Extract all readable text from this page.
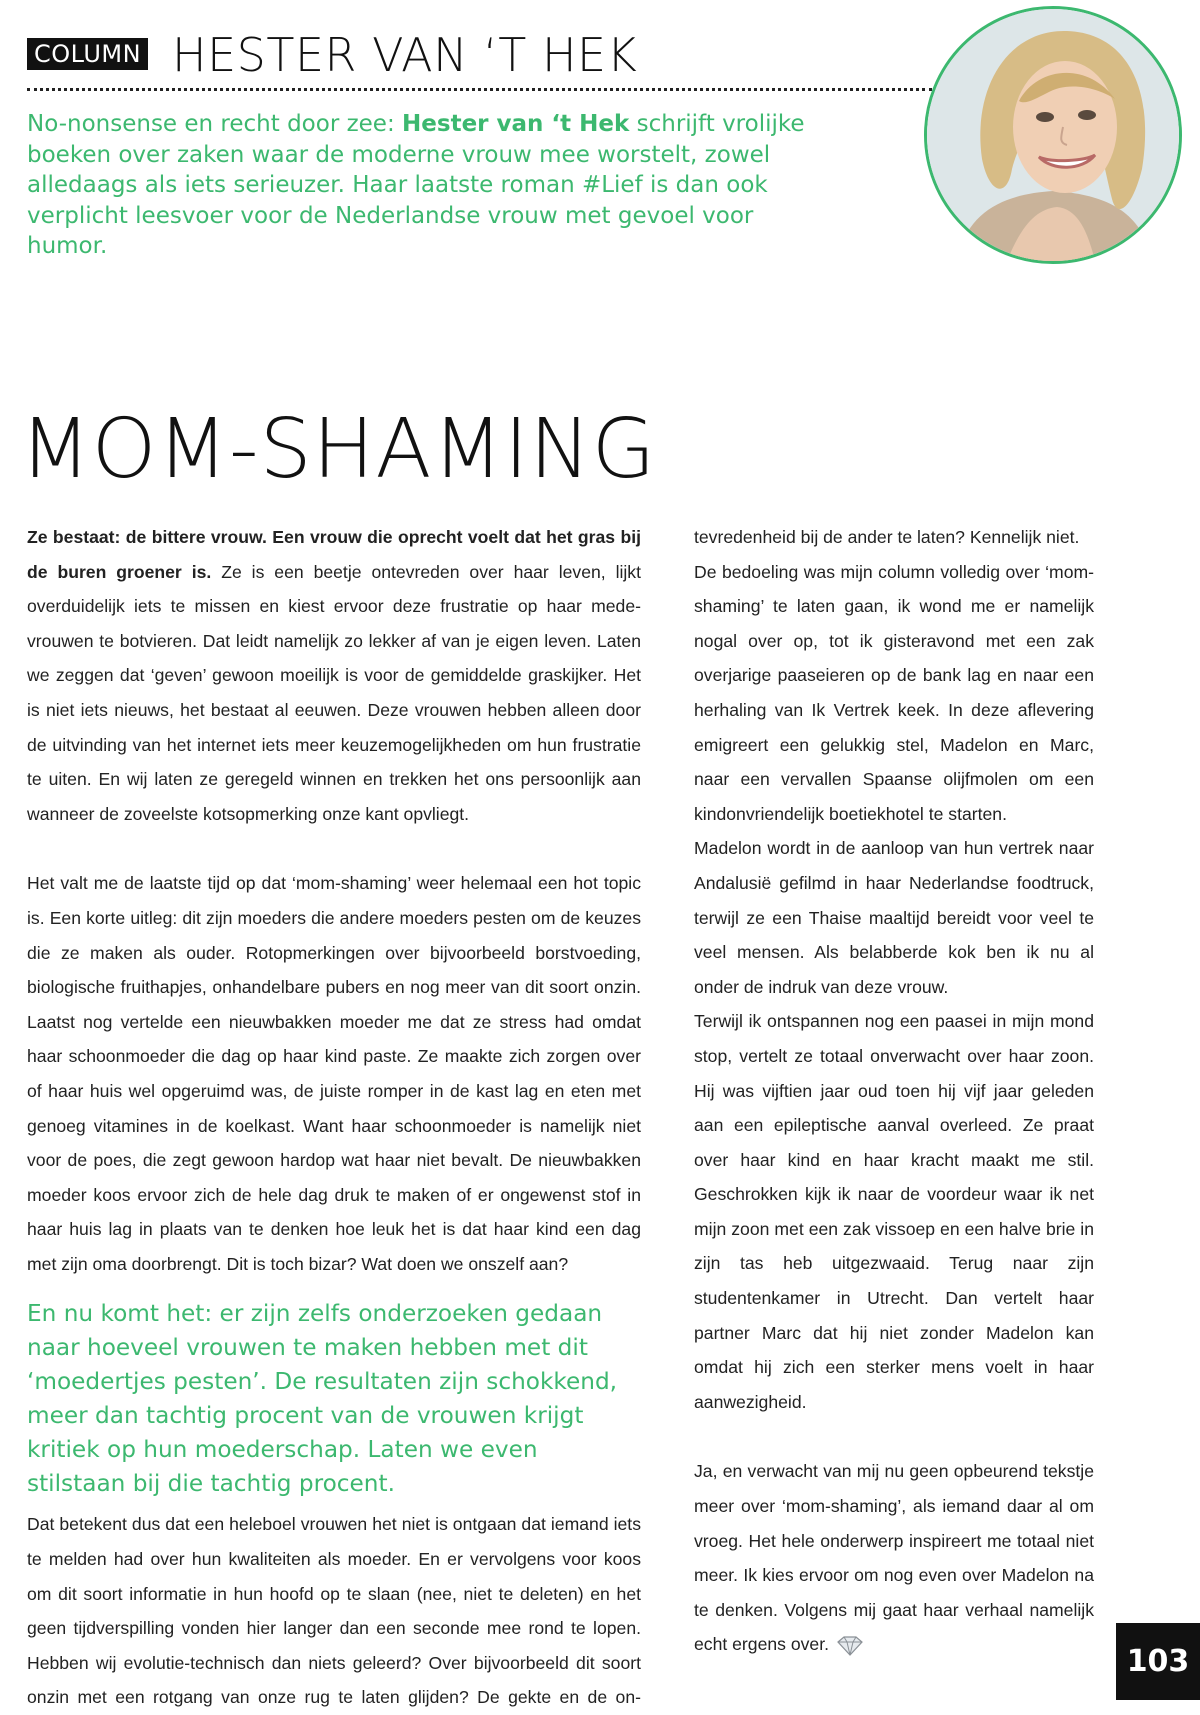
COLUMN HESTER VAN ‘T HEK

No-nonsense en recht door zee: Hester van ‘t Hek schrijft vrolijke boeken over zaken waar de moderne vrouw mee worstelt, zowel alledaags als iets serieuzer. Haar laatste roman #Lief is dan ook verplicht leesvoer voor de Nederlandse vrouw met gevoel voor humor.

MOM-SHAMING

Ze bestaat: de bittere vrouw. Een vrouw die oprecht voelt dat het gras bij de buren groener is. Ze is een beetje ontevreden over haar leven, lijkt overduidelijk iets te missen en kiest ervoor deze frustratie op haar mede-vrouwen te botvieren. Dat leidt namelijk zo lekker af van je eigen leven. Laten we zeggen dat ‘geven’ gewoon moeilijk is voor de gemiddelde graskijker. Het is niet iets nieuws, het bestaat al eeuwen. Deze vrouwen hebben alleen door de uitvinding van het internet iets meer keuzemogelijkheden om hun frustratie te uiten. En wij laten ze geregeld winnen en trekken het ons persoonlijk aan wanneer de zoveelste kotsopmerking onze kant opvliegt.

Het valt me de laatste tijd op dat ‘mom-shaming’ weer helemaal een hot topic is. Een korte uitleg: dit zijn moeders die andere moeders pesten om de keuzes die ze maken als ouder. Rotopmerkingen over bijvoorbeeld borstvoeding, biologische fruithapjes, onhandelbare pubers en nog meer van dit soort onzin. Laatst nog vertelde een nieuwbakken moeder me dat ze stress had omdat haar schoonmoeder die dag op haar kind paste. Ze maakte zich zorgen over of haar huis wel opgeruimd was, de juiste romper in de kast lag en eten met genoeg vitamines in de koelkast. Want haar schoonmoeder is namelijk niet voor de poes, die zegt gewoon hardop wat haar niet bevalt. De nieuwbakken moeder koos ervoor zich de hele dag druk te maken of er ongewenst stof in haar huis lag in plaats van te denken hoe leuk het is dat haar kind een dag met zijn oma doorbrengt. Dit is toch bizar? Wat doen we onszelf aan?

En nu komt het: er zijn zelfs onderzoeken gedaan naar hoeveel vrouwen te maken hebben met dit ‘moedertjes pesten’. De resultaten zijn schokkend, meer dan tachtig procent van de vrouwen krijgt kritiek op hun moederschap. Laten we even stilstaan bij die tachtig procent.

Dat betekent dus dat een heleboel vrouwen het niet is ontgaan dat iemand iets te melden had over hun kwaliteiten als moeder. En er vervolgens voor koos om dit soort informatie in hun hoofd op te slaan (nee, niet te deleten) en het geen tijdverspilling vonden hier langer dan een seconde mee rond te lopen. Hebben wij evolutie-technisch dan niets geleerd? Over bijvoorbeeld dit soort onzin met een rotgang van onze rug te laten glijden? De gekte en de on-

tevredenheid bij de ander te laten? Kennelijk niet.

De bedoeling was mijn column volledig over ‘mom-shaming’ te laten gaan, ik wond me er namelijk nogal over op, tot ik gisteravond met een zak overjarige paaseieren op de bank lag en naar een herhaling van Ik Vertrek keek. In deze aflevering emigreert een gelukkig stel, Madelon en Marc, naar een vervallen Spaanse olijfmolen om een kindonvriendelijk boetiekhotel te starten.

Madelon wordt in de aanloop van hun vertrek naar Andalusië gefilmd in haar Nederlandse foodtruck, terwijl ze een Thaise maaltijd bereidt voor veel te veel mensen. Als belabberde kok ben ik nu al onder de indruk van deze vrouw.

Terwijl ik ontspannen nog een paasei in mijn mond stop, vertelt ze totaal onverwacht over haar zoon. Hij was vijftien jaar oud toen hij vijf jaar geleden aan een epileptische aanval overleed. Ze praat over haar kind en haar kracht maakt me stil. Geschrokken kijk ik naar de voordeur waar ik net mijn zoon met een zak vissoep en een halve brie in zijn tas heb uitgezwaaid. Terug naar zijn studentenkamer in Utrecht. Dan vertelt haar partner Marc dat hij niet zonder Madelon kan omdat hij zich een sterker mens voelt in haar aanwezigheid.

Ja, en verwacht van mij nu geen opbeurend tekstje meer over ‘mom-shaming’, als iemand daar al om vroeg. Het hele onderwerp inspireert me totaal niet meer. Ik kies ervoor om nog even over Madelon na te denken. Volgens mij gaat haar verhaal namelijk echt ergens over.	103
